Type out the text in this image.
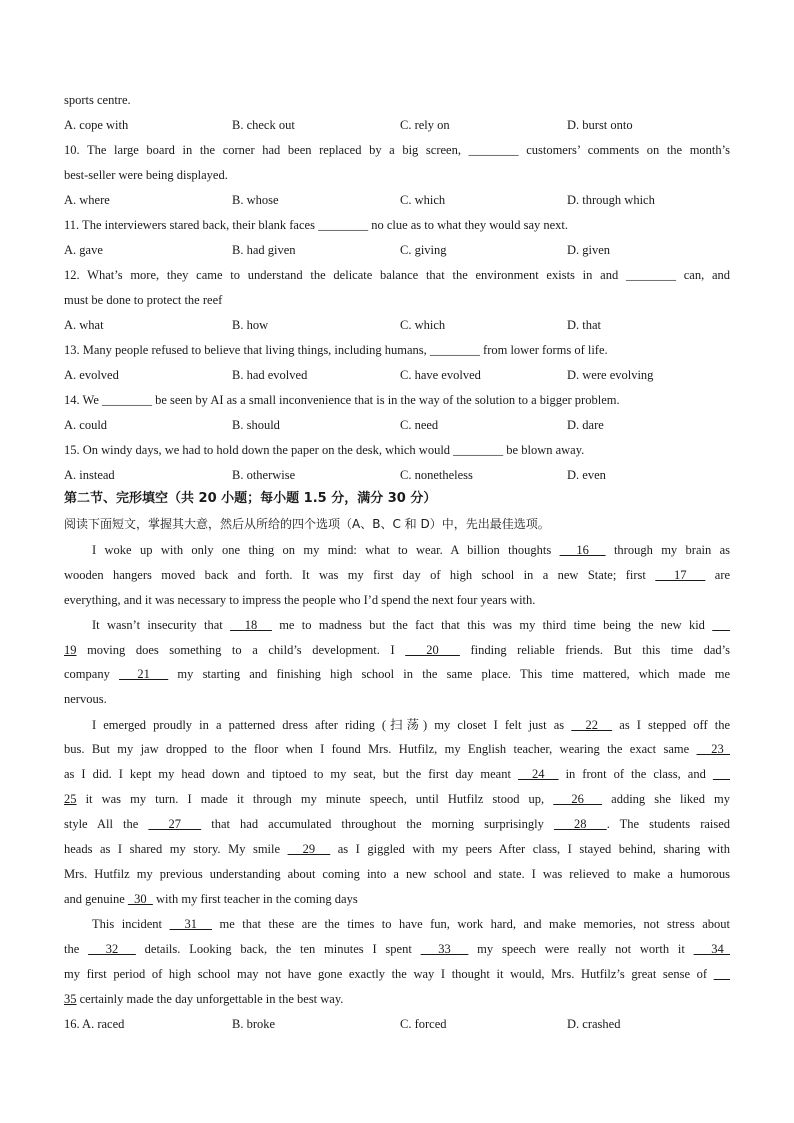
sports centre.
A. cope with	B. check out	C. rely on	D. burst onto
10. The large board in the corner had been replaced by a big screen, ________ customers’ comments on the month’s
best-seller were being displayed.
A. where	B. whose	C. which	D. through which
11. The interviewers stared back, their blank faces ________ no clue as to what they would say next.
A. gave	B. had given	C. giving	D. given
12. What’s more, they came to understand the delicate balance that the environment exists in and ________ can, and
must be done to protect the reef
A. what	B. how	C. which	D. that
13. Many people refused to believe that living things, including humans, ________ from lower forms of life.
A. evolved	B. had evolved	C. have evolved	D. were evolving
14. We ________ be seen by AI as a small inconvenience that is in the way of the solution to a bigger problem.
A. could	B. should	C. need	D. dare
15. On windy days, we had to hold down the paper on the desk, which would ________ be blown away.
A. instead	B. otherwise	C. nonetheless	D. even
第二节、完形填空（共 20 小题；每小题 1.5 分，满分 30 分）
阅读下面短文，掌握其大意，然后从所给的四个选项（A、B、C 和 D）中，先出最佳选项。
I woke up with only one thing on my mind: what to wear. A billion thoughts   16   through my brain as
wooden hangers moved back and forth. It was my first day of high school in a new State; first   17   are
everything, and it was necessary to impress the people who I’d spend the next four years with.
It wasn’t insecurity that   18   me to madness but the fact that this was my third time being the new kid
19 moving does something to a child’s development. I   20   finding reliable friends. But this time dad’s
company   21   my starting and finishing high school in the same place. This time mattered, which made me
nervous.
I emerged proudly in a patterned dress after riding (扫荡) my closet I felt just as   22   as I stepped off the
bus. But my jaw dropped to the floor when I found Mrs. Hutfilz, my English teacher, wearing the exact same   23
as I did. I kept my head down and tiptoed to my seat, but the first day meant   24   in front of the class, and
25 it was my turn. I made it through my minute speech, until Hutfilz stood up,   26   adding she liked my
style All the   27   that had accumulated throughout the morning surprisingly   28  . The students raised
heads as I shared my story. My smile   29   as I giggled with my peers After class, I stayed behind, sharing with
Mrs. Hutfilz my previous understanding about coming into a new school and state. I was relieved to make a humorous
and genuine   30   with my first teacher in the coming days
This incident   31   me that these are the times to have fun, work hard, and make memories, not stress about
the   32   details. Looking back, the ten minutes I spent   33   my speech were really not worth it   34
my first period of high school may not have gone exactly the way I thought it would, Mrs. Hutfilz’s great sense of
35 certainly made the day unforgettable in the best way.
16. A. raced	B. broke	C. forced	D. crashed
